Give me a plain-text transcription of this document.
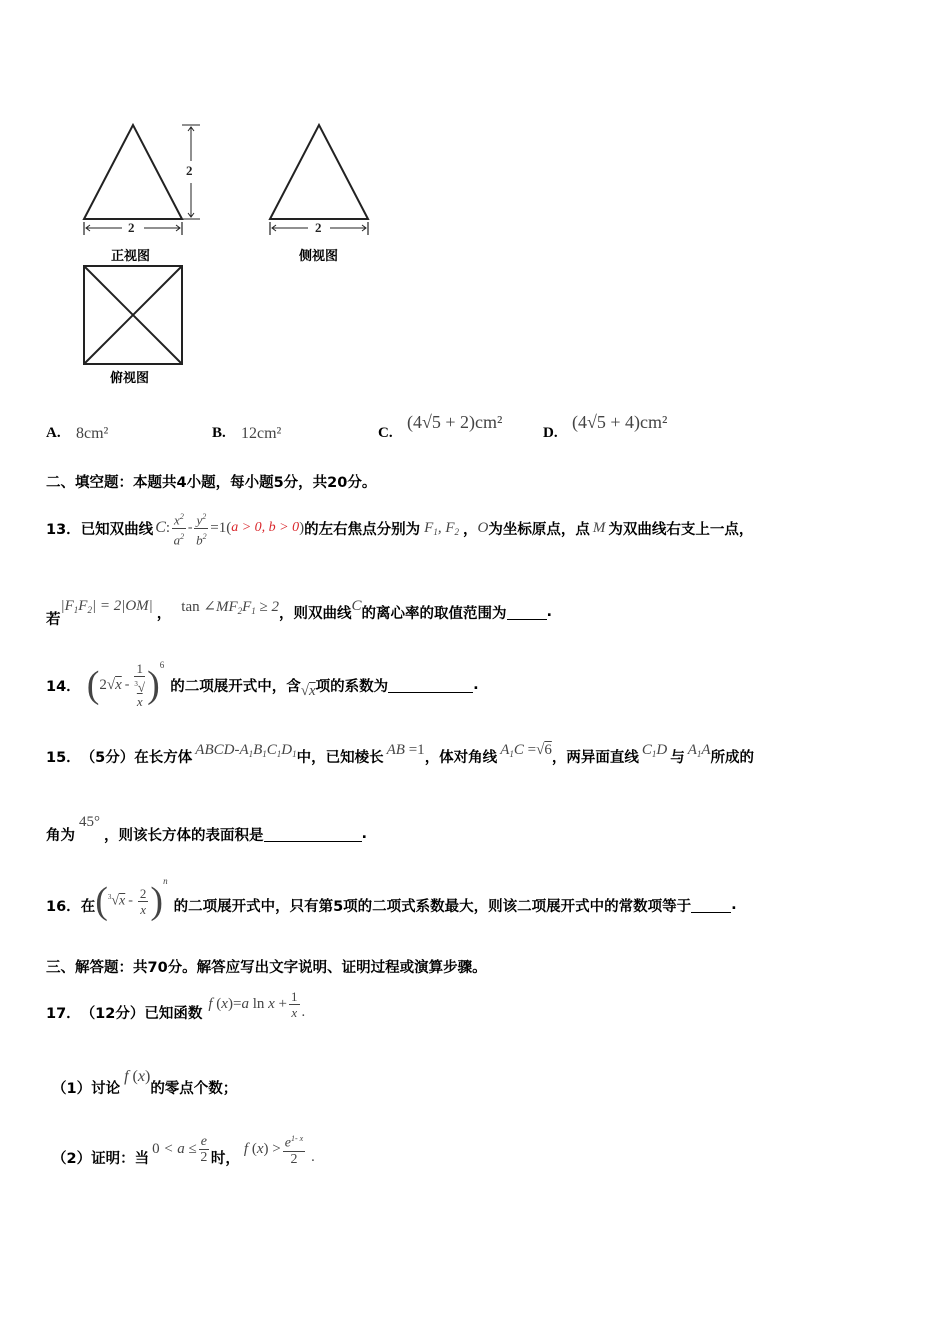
2
2
2
正视图	侧视图
俯视图
A. 8cm²	B. 12cm²	C.
(4√5 + 2)cm²
D.
(4√5 + 4)cm²
二、填空题：本题共4小题，每小题5分，共20分。
13． 已知双曲线 C : $\frac{x^2}{a^2} - \frac{y^2}{b^2} =1$ ( a > 0, b > 0 ) 的左右焦点分别为 $F_1$, $F_2$ ， O 为坐标原点，点 M 为双曲线右支上一点，
若
$|F_1F_2| = 2|OM|$ ， $\tan \angle MF_2F_1 \ge 2$ ，则双曲线 C 的离心率的取值范围为	.
14． ( 2√x - 1
$^3$√
x ) 6
的二项展开式中，含 √x 项的系数为	.
15． （5分）在长方体 ABCD-$A_1B_1C_1D_1$ 中，已知棱长 AB =1 ，体对角线 $A_1C =√6$ ，两异面直线 $C_1D$ 与 $A_1A$ 所成的
角为
45°
，则该长方体的表面积是	.
16． 在 ( $^3√x - \frac{2}{x}$ ) n
的二项展开式中，只有第5项的二项式系数最大，则该二项展开式中的常数项等于	.
三、解答题：共70分。解答应写出文字说明、证明过程或演算步骤。
17． （12分）已知函数
f (x)=a $\ln x + \frac{1}{x}$ .
（1）讨论
f (x)
的零点个数；
（2）证明：当
$0 < a \le \frac{e}{2}$ 时，
f $(x) > \frac{e^{1- x}}{2}$ .
